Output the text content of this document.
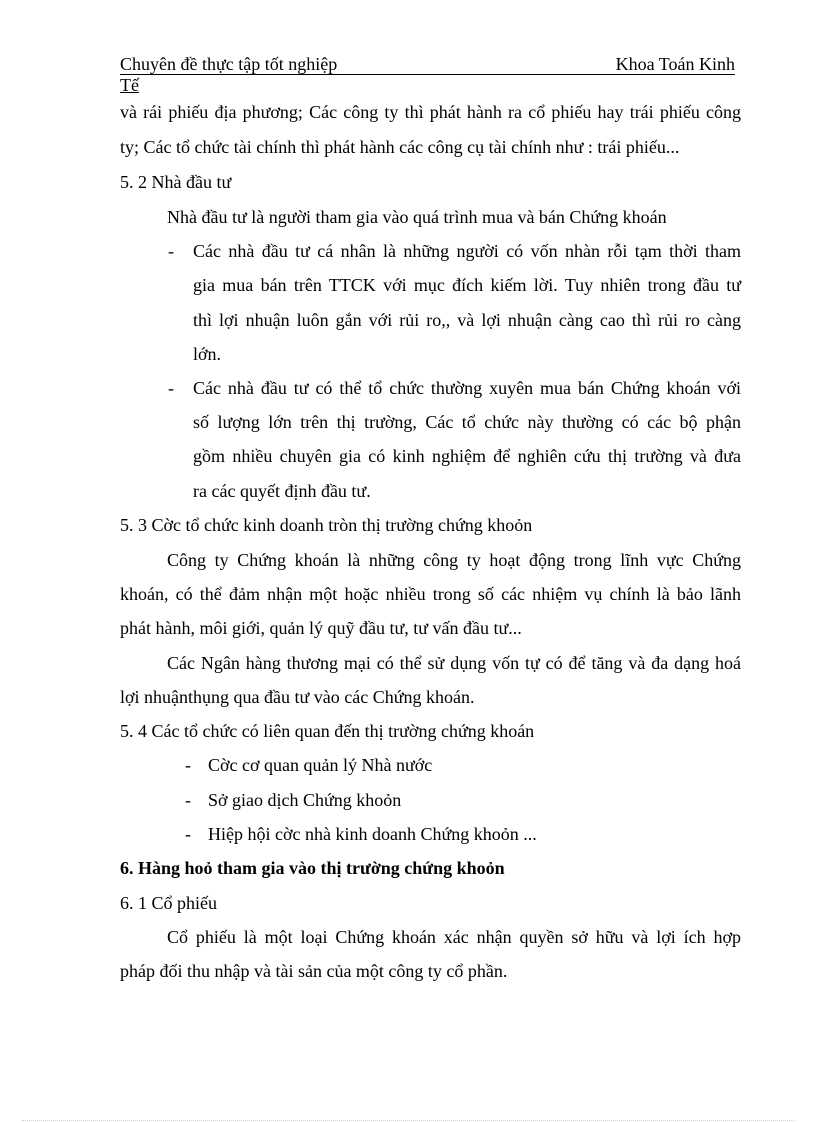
Chuyên đề thực tập tốt nghiệp	Khoa Toán Kinh
Tế
và rái phiếu địa phương; Các công ty thì phát hành ra cổ phiếu hay trái phiếu công
ty; Các tổ chức tài chính thì phát hành các công cụ tài chính như : trái phiếu...
5. 2 Nhà đầu tư
Nhà đầu tư là người tham gia vào quá trình mua và bán Chứng khoán
- Các nhà đầu tư cá nhân là những người có vốn nhàn rỗi tạm thời tham
gia mua bán trên TTCK với mục đích kiếm lời. Tuy nhiên trong đầu tư
thì lợi nhuận luôn gắn với rủi ro,, và lợi nhuận càng cao thì rủi ro càng
lớn.
- Các nhà đầu tư có thể tổ chức thường xuyên mua bán Chứng khoán với
số lượng lớn trên thị trường, Các tổ chức này thường có các bộ phận
gồm nhiều chuyên gia có kinh nghiệm để nghiên cứu thị trường và đưa
ra các quyết định đầu tư.
5. 3 Cờc tổ chức kinh doanh tròn thị trường chứng khoỏn
Công ty Chứng khoán là những công ty hoạt động trong lĩnh vực Chứng
khoán, có thể đảm nhận một hoặc nhiều trong số các nhiệm vụ chính là bảo lãnh
phát hành, môi giới, quản lý quỹ đầu tư, tư vấn đầu tư...
Các Ngân hàng thương mại có thể sử dụng vốn tự có để tăng và đa dạng hoá
lợi nhuậnthụng qua đầu tư vào các Chứng khoán.
5. 4 Các tổ chức có liên quan đến thị trường chứng khoán
- Cờc cơ quan quản lý Nhà nước
- Sở giao dịch Chứng khoỏn
- Hiệp hội cờc nhà kinh doanh Chứng khoỏn ...
6. Hàng hoỏ tham gia vào thị trường chứng khoỏn
6. 1 Cổ phiếu
Cổ phiếu là một loại Chứng khoán xác nhận quyền sở hữu và lợi ích hợp
pháp đối thu nhập và tài sản của một công ty cổ phần.
